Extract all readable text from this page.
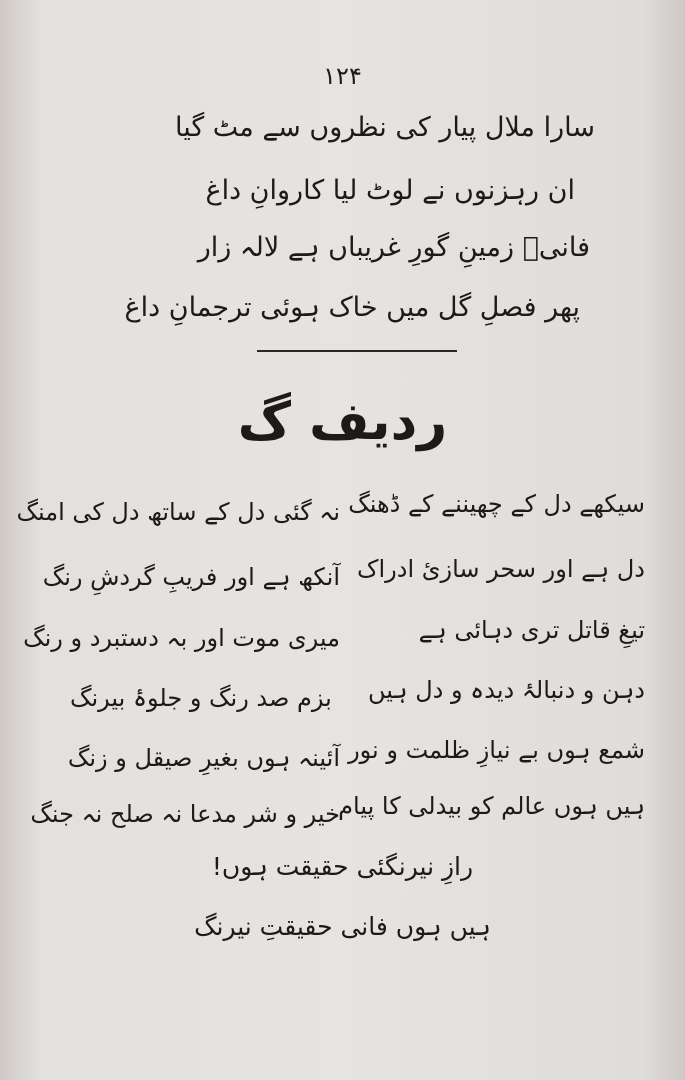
۱۲۴
سارا ملال پیار کی نظروں سے مٹ گیا
ان رہزنوں نے لوٹ لیا کاروانِ داغ
فانیؔ زمینِ گورِ غریباں ہے لالہ زار
پھر فصلِ گل میں خاک ہوئی ترجمانِ داغ
ردیف گ
سیکھے دل کے چھیننے کے ڈھنگ
نہ گئی دل کے ساتھ دل کی امنگ
دل ہے اور سحر سازئ ادراک
آنکھ ہے اور فریبِ گردشِ رنگ
تیغِ قاتل تری دہائی ہے
میری موت اور بہ دستبرد و رنگ
دہن و دنبالۂ دیدہ و دل ہیں
بزم صد رنگ و جلوۂ بیرنگ
شمع ہوں بے نیازِ ظلمت و نور
آئینہ ہوں بغیرِ صیقل و زنگ
ہیں ہوں عالم کو بیدلی کا پیام
خیر و شر مدعا نہ صلح نہ جنگ
رازِ نیرنگئی حقیقت ہوں!
ہیں ہوں فانی حقیقتِ نیرنگ
